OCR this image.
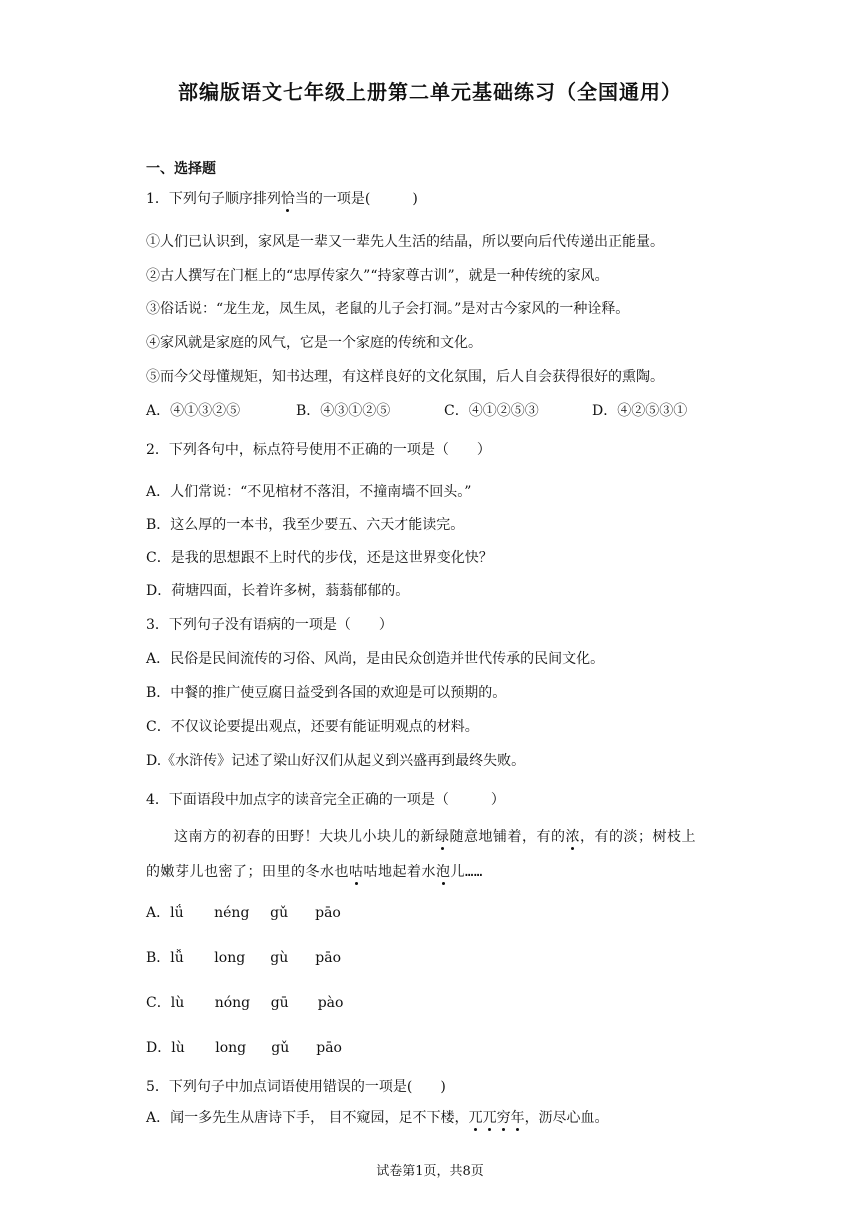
部编版语文七年级上册第二单元基础练习（全国通用）
一、选择题
1．下列句子顺序排列恰当的一项是(　　　)
①人们已认识到，家风是一辈又一辈先人生活的结晶，所以要向后代传递出正能量。
②古人撰写在门框上的“忠厚传家久”“持家尊古训”，就是一种传统的家风。
③俗话说：“龙生龙，凤生凤，老鼠的儿子会打洞。”是对古今家风的一种诠释。
④家风就是家庭的风气，它是一个家庭的传统和文化。
⑤而今父母懂规矩，知书达理，有这样良好的文化氛围，后人自会获得很好的熏陶。
A．④①③②⑤	B．④③①②⑤	C．④①②⑤③	D．④②⑤③①
2．下列各句中，标点符号使用不正确的一项是（　　）
A．人们常说：“不见棺材不落泪，不撞南墙不回头。”
B．这么厚的一本书，我至少要五、六天才能读完。
C．是我的思想跟不上时代的步伐，还是这世界变化快？
D．荷塘四面，长着许多树，蓊蓊郁郁的。
3．下列句子没有语病的一项是（　　）
A．民俗是民间流传的习俗、风尚，是由民众创造并世代传承的民间文化。
B．中餐的推广使豆腐日益受到各国的欢迎是可以预期的。
C．不仅议论要提出观点，还要有能证明观点的材料。
D.《水浒传》记述了梁山好汉们从起义到兴盛再到最终失败。
4．下面语段中加点字的读音完全正确的一项是（　　　）
这南方的初春的田野！大块儿小块儿的新绿随意地铺着，有的浓，有的淡；树枝上
的嫩芽儿也密了；田里的冬水也咕咕地起着水泡儿……
A．lǘ néng gǔ pāo
B．lǚ long gù pāo
C．lù nóng gū pào
D．lù long gǔ pāo
5．下列句子中加点词语使用错误的一项是(　　)
A．闻一多先生从唐诗下手， 目不窥园，足不下楼，兀兀穷年，沥尽心血。
试卷第1页，共8页
